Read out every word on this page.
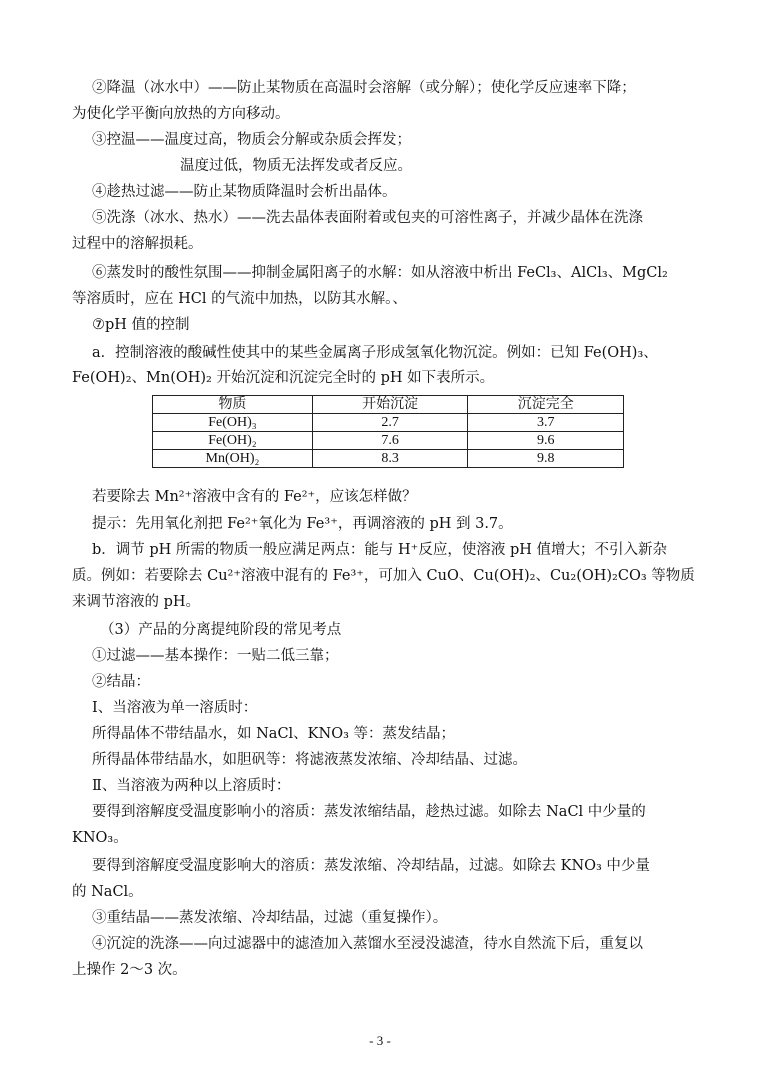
②降温（冰水中）——防止某物质在高温时会溶解（或分解）；使化学反应速率下降；
为使化学平衡向放热的方向移动。
③控温——温度过高，物质会分解或杂质会挥发；
温度过低，物质无法挥发或者反应。
④趁热过滤——防止某物质降温时会析出晶体。
⑤洗涤（冰水、热水）——洗去晶体表面附着或包夹的可溶性离子，并减少晶体在洗涤
过程中的溶解损耗。
⑥蒸发时的酸性氛围——抑制金属阳离子的水解：如从溶液中析出 FeCl₃、AlCl₃、MgCl₂
等溶质时，应在 HCl 的气流中加热，以防其水解。、
⑦pH 值的控制
a．控制溶液的酸碱性使其中的某些金属离子形成氢氧化物沉淀。例如：已知 Fe(OH)₃、
Fe(OH)₂、Mn(OH)₂ 开始沉淀和沉淀完全时的 pH 如下表所示。
物质	开始沉淀	沉淀完全
Fe(OH)₃	2.7	3.7
Fe(OH)₂	7.6	9.6
Mn(OH)₂	8.3	9.8
若要除去 Mn²⁺溶液中含有的 Fe²⁺，应该怎样做？
提示：先用氧化剂把 Fe²⁺氧化为 Fe³⁺，再调溶液的 pH 到 3.7。
b．调节 pH 所需的物质一般应满足两点：能与 H⁺反应，使溶液 pH 值增大；不引入新杂
质。例如：若要除去 Cu²⁺溶液中混有的 Fe³⁺，可加入 CuO、Cu(OH)₂、Cu₂(OH)₂CO₃ 等物质
来调节溶液的 pH。
（3）产品的分离提纯阶段的常见考点
①过滤——基本操作：一贴二低三靠；
②结晶：
Ⅰ、当溶液为单一溶质时：
所得晶体不带结晶水，如 NaCl、KNO₃ 等：蒸发结晶；
所得晶体带结晶水，如胆矾等：将滤液蒸发浓缩、冷却结晶、过滤。
Ⅱ、当溶液为两种以上溶质时：
要得到溶解度受温度影响小的溶质：蒸发浓缩结晶，趁热过滤。如除去 NaCl 中少量的
KNO₃。
要得到溶解度受温度影响大的溶质：蒸发浓缩、冷却结晶，过滤。如除去 KNO₃ 中少量
的 NaCl。
③重结晶——蒸发浓缩、冷却结晶，过滤（重复操作）。
④沉淀的洗涤——向过滤器中的滤渣加入蒸馏水至浸没滤渣，待水自然流下后，重复以
上操作 2～3 次。
- 3 -
